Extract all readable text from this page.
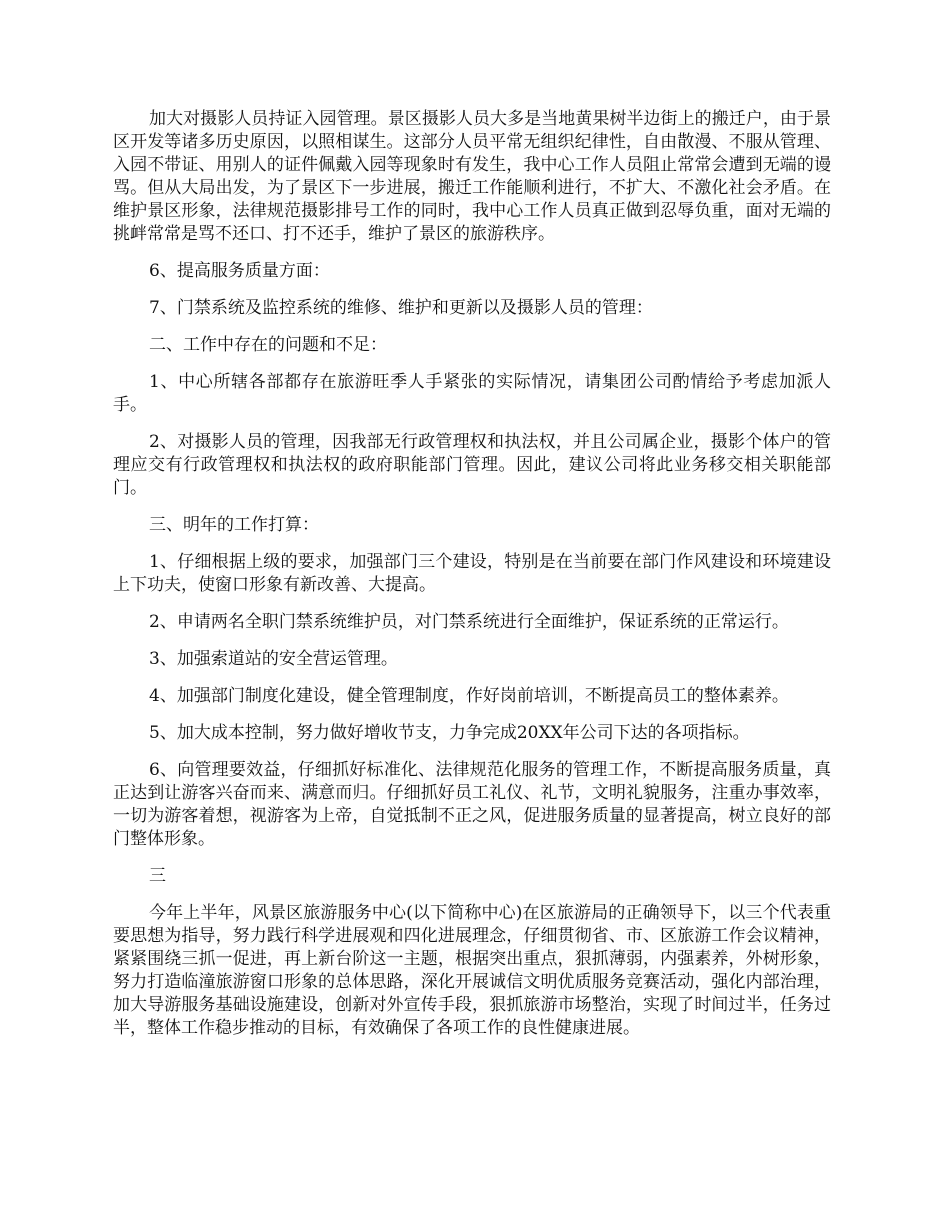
加大对摄影人员持证入园管理。景区摄影人员大多是当地黄果树半边街上的搬迁户，由于景区开发等诸多历史原因，以照相谋生。这部分人员平常无组织纪律性，自由散漫、不服从管理、入园不带证、用别人的证件佩戴入园等现象时有发生，我中心工作人员阻止常常会遭到无端的谩骂。但从大局出发，为了景区下一步进展，搬迁工作能顺利进行，不扩大、不激化社会矛盾。在维护景区形象，法律规范摄影排号工作的同时，我中心工作人员真正做到忍辱负重，面对无端的挑衅常常是骂不还口、打不还手，维护了景区的旅游秩序。

6、提高服务质量方面：

7、门禁系统及监控系统的维修、维护和更新以及摄影人员的管理：

二、工作中存在的问题和不足：

1、中心所辖各部都存在旅游旺季人手紧张的实际情况，请集团公司酌情给予考虑加派人手。

2、对摄影人员的管理，因我部无行政管理权和执法权，并且公司属企业，摄影个体户的管理应交有行政管理权和执法权的政府职能部门管理。因此，建议公司将此业务移交相关职能部门。

三、明年的工作打算：

1、仔细根据上级的要求，加强部门三个建设，特别是在当前要在部门作风建设和环境建设上下功夫，使窗口形象有新改善、大提高。

2、申请两名全职门禁系统维护员，对门禁系统进行全面维护，保证系统的正常运行。

3、加强索道站的安全营运管理。

4、加强部门制度化建设，健全管理制度，作好岗前培训，不断提高员工的整体素养。

5、加大成本控制，努力做好增收节支，力争完成20XX年公司下达的各项指标。

6、向管理要效益，仔细抓好标准化、法律规范化服务的管理工作，不断提高服务质量，真正达到让游客兴奋而来、满意而归。仔细抓好员工礼仪、礼节，文明礼貌服务，注重办事效率，一切为游客着想，视游客为上帝，自觉抵制不正之风，促进服务质量的显著提高，树立良好的部门整体形象。

三

今年上半年，风景区旅游服务中心(以下简称中心)在区旅游局的正确领导下，以三个代表重要思想为指导，努力践行科学进展观和四化进展理念，仔细贯彻省、市、区旅游工作会议精神，紧紧围绕三抓一促进，再上新台阶这一主题，根据突出重点，狠抓薄弱，内强素养，外树形象，努力打造临潼旅游窗口形象的总体思路，深化开展诚信文明优质服务竞赛活动，强化内部治理，加大导游服务基础设施建设，创新对外宣传手段，狠抓旅游市场整治，实现了时间过半，任务过半，整体工作稳步推动的目标，有效确保了各项工作的良性健康进展。
